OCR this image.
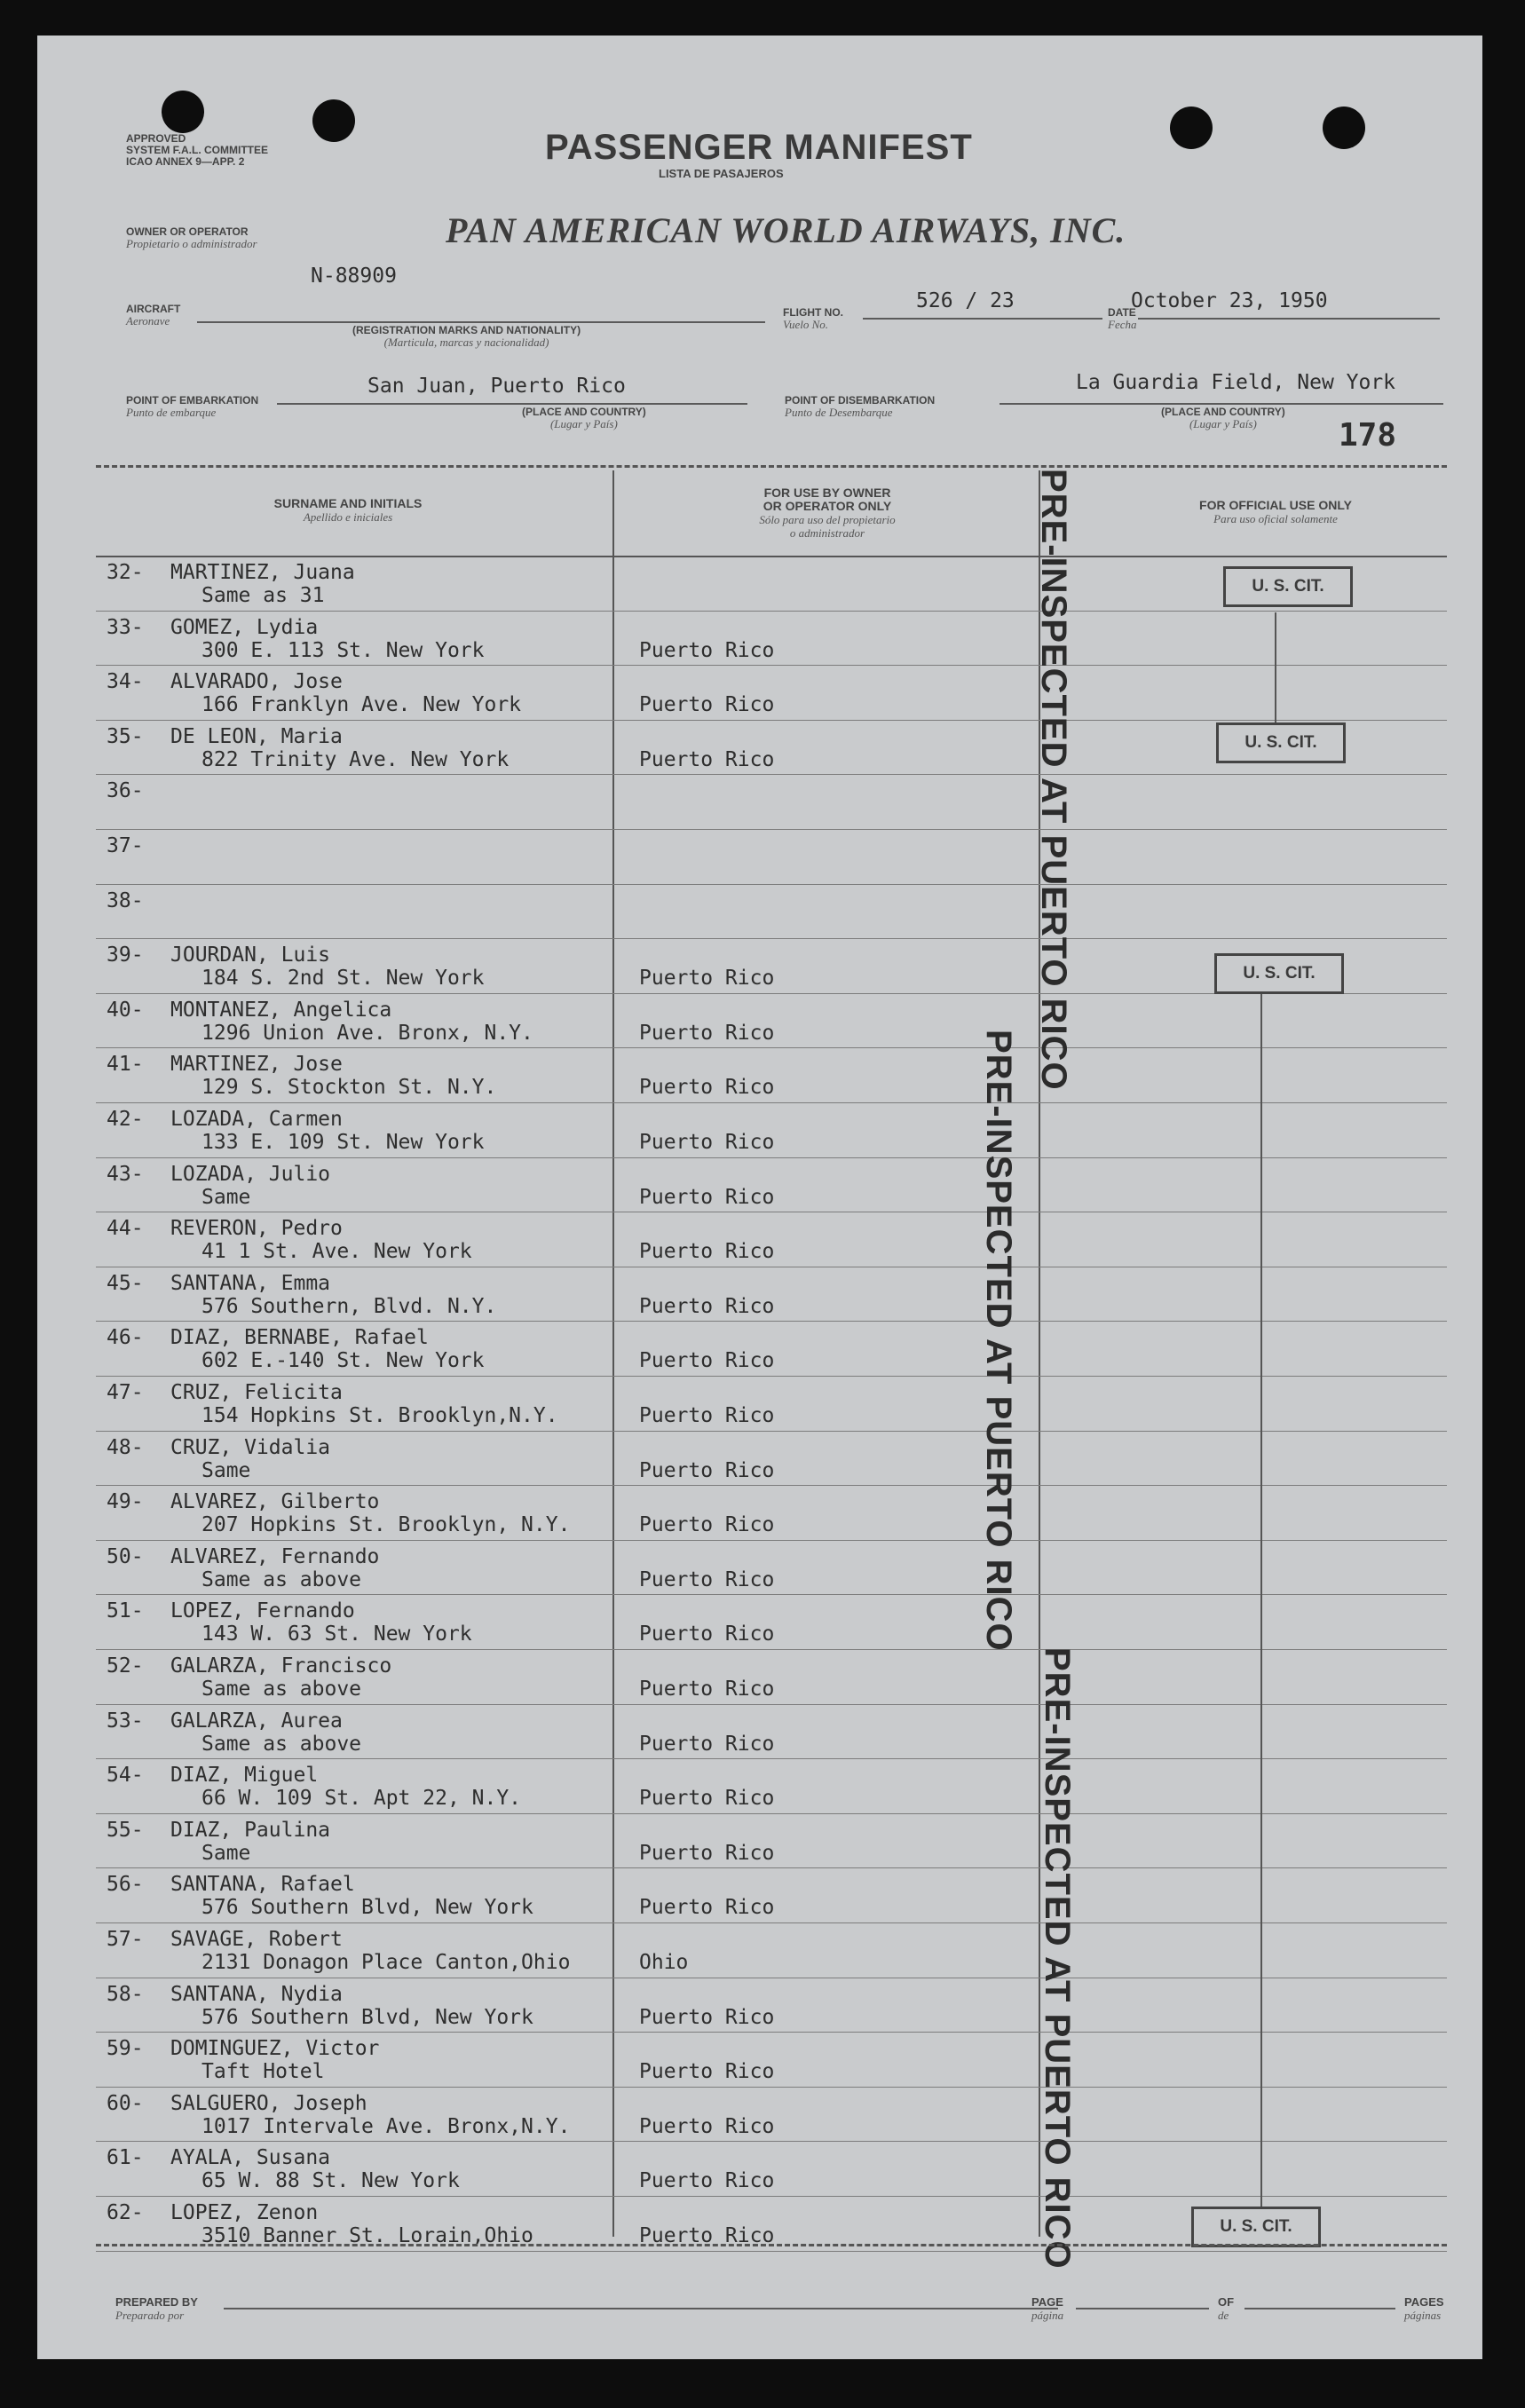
APPROVED
SYSTEM F.A.L. COMMITTEE
ICAO ANNEX 9—APP. 2	PASSENGER MANIFEST
LISTA DE PASAJEROS
OWNER OR OPERATOR
Propietario o administrador	PAN AMERICAN WORLD AIRWAYS, INC.
N-88909
AIRCRAFT
Aeronave
(REGISTRATION MARKS AND NATIONALITY)
(Marticula, marcas y nacionalidad)
FLIGHT NO.
Vuelo No.
526 / 23	DATE
Fecha
October 23, 1950
POINT OF EMBARKATION
Punto de embarque
San Juan, Puerto Rico
(PLACE AND COUNTRY)
(Lugar y País)
POINT OF DISEMBARKATION
Punto de Desembarque
La Guardia Field, New York
(PLACE AND COUNTRY)
(Lugar y País)	178
SURNAME AND INITIALS
Apellido e iniciales
FOR USE BY OWNER
OR OPERATOR ONLY
Sólo para uso del propietario
o administrador
FOR OFFICIAL USE ONLY
Para uso oficial solamente
32- MARTINEZ, Juana
Same as 31
33- GOMEZ, Lydia
300 E. 113 St. New York	Puerto Rico
34- ALVARADO, Jose
166 Franklyn Ave. New York	Puerto Rico
35- DE LEON, Maria
822 Trinity Ave. New York	Puerto Rico
36-
37-
38-
39- JOURDAN, Luis
184 S. 2nd St. New York	Puerto Rico
40- MONTANEZ, Angelica
1296 Union Ave. Bronx, N.Y.	Puerto Rico
41- MARTINEZ, Jose
129 S. Stockton St. N.Y.	Puerto Rico
42- LOZADA, Carmen
133 E. 109 St. New York	Puerto Rico
43- LOZADA, Julio
Same	Puerto Rico
44- REVERON, Pedro
41 1 St. Ave. New York	Puerto Rico
45- SANTANA, Emma
576 Southern, Blvd. N.Y.	Puerto Rico
46- DIAZ, BERNABE, Rafael
602 E.-140 St. New York	Puerto Rico
47- CRUZ, Felicita
154 Hopkins St. Brooklyn,N.Y.	Puerto Rico
48- CRUZ, Vidalia
Same	Puerto Rico
49- ALVAREZ, Gilberto
207 Hopkins St. Brooklyn, N.Y.	Puerto Rico
50- ALVAREZ, Fernando
Same as above	Puerto Rico
51- LOPEZ, Fernando
143 W. 63 St. New York	Puerto Rico
52- GALARZA, Francisco
Same as above	Puerto Rico
53- GALARZA, Aurea
Same as above	Puerto Rico
54- DIAZ, Miguel
66 W. 109 St. Apt 22, N.Y.	Puerto Rico
55- DIAZ, Paulina
Same	Puerto Rico
56- SANTANA, Rafael
576 Southern Blvd, New York	Puerto Rico
57- SAVAGE, Robert
2131 Donagon Place Canton,Ohio	Ohio
58- SANTANA, Nydia
576 Southern Blvd, New York	Puerto Rico
59- DOMINGUEZ, Victor
Taft Hotel	Puerto Rico
60- SALGUERO, Joseph
1017 Intervale Ave. Bronx,N.Y.	Puerto Rico
61- AYALA, Susana
65 W. 88 St. New York	Puerto Rico
62- LOPEZ, Zenon
3510 Banner St. Lorain,Ohio	Puerto Rico
PRE-INSPECTED AT PUERTO RICO
PRE-INSPECTED AT PUERTO RICO
PRE-INSPECTED AT PUERTO RICO
U. S. CIT.
U. S. CIT.
U. S. CIT.
U. S. CIT.
PREPARED BY
Preparado por
PAGE
página
OF
de
PAGES
páginas
